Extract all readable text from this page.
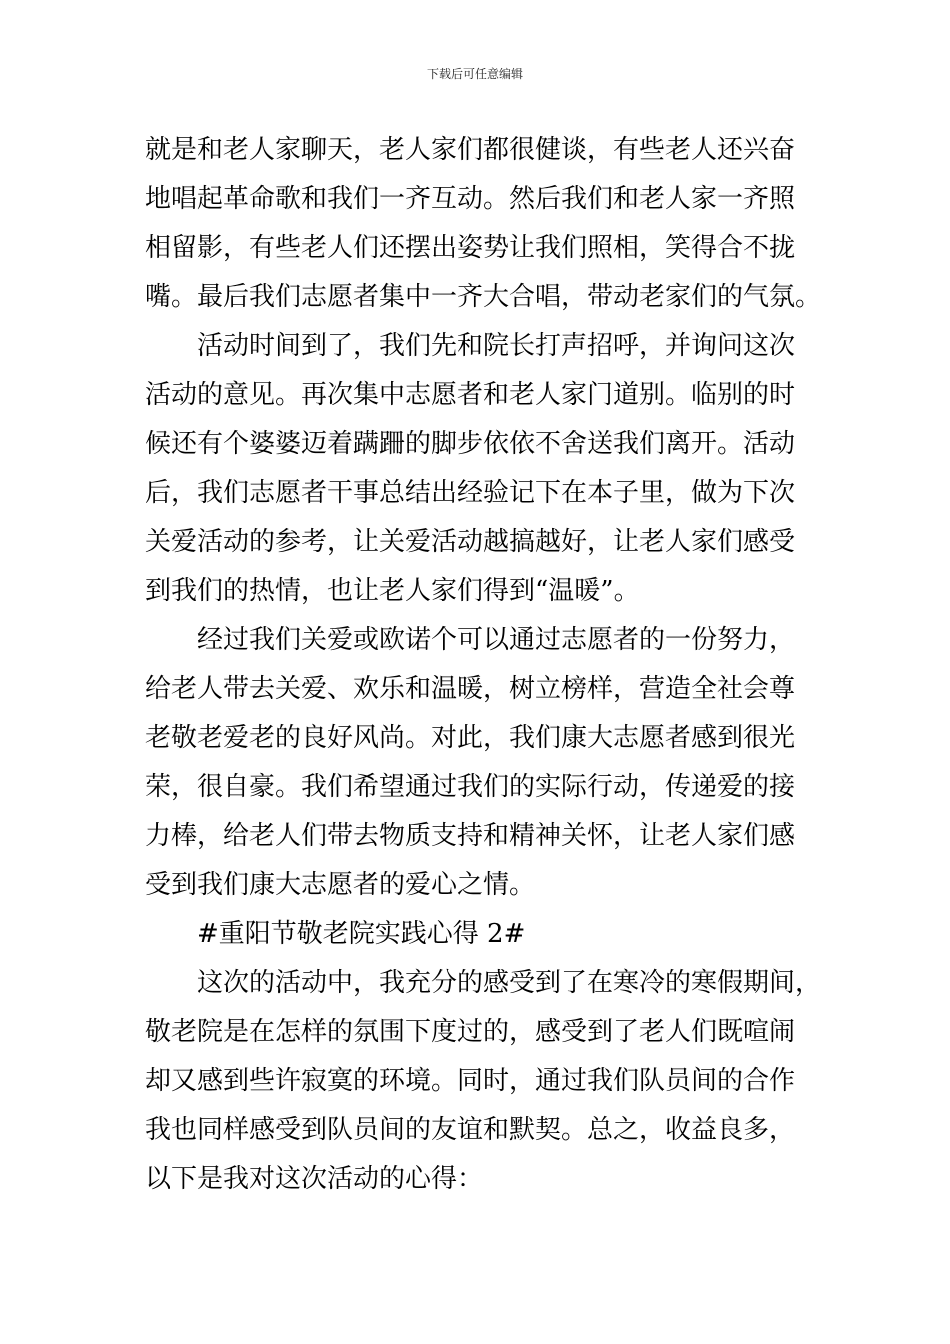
下载后可任意编辑
就是和老人家聊天，老人家们都很健谈，有些老人还兴奋
地唱起革命歌和我们一齐互动。然后我们和老人家一齐照
相留影，有些老人们还摆出姿势让我们照相，笑得合不拢
嘴。最后我们志愿者集中一齐大合唱，带动老家们的气氛。
活动时间到了，我们先和院长打声招呼，并询问这次
活动的意见。再次集中志愿者和老人家门道别。临别的时
候还有个婆婆迈着蹒跚的脚步依依不舍送我们离开。活动
后，我们志愿者干事总结出经验记下在本子里，做为下次
关爱活动的参考，让关爱活动越搞越好，让老人家们感受
到我们的热情，也让老人家们得到“温暖”。
经过我们关爱或欧诺个可以通过志愿者的一份努力，
给老人带去关爱、欢乐和温暖，树立榜样，营造全社会尊
老敬老爱老的良好风尚。对此，我们康大志愿者感到很光
荣，很自豪。我们希望通过我们的实际行动，传递爱的接
力棒，给老人们带去物质支持和精神关怀，让老人家们感
受到我们康大志愿者的爱心之情。
#重阳节敬老院实践心得 2#
这次的活动中，我充分的感受到了在寒冷的寒假期间，
敬老院是在怎样的氛围下度过的，感受到了老人们既喧闹
却又感到些许寂寞的环境。同时，通过我们队员间的合作
我也同样感受到队员间的友谊和默契。总之，收益良多，
以下是我对这次活动的心得：
